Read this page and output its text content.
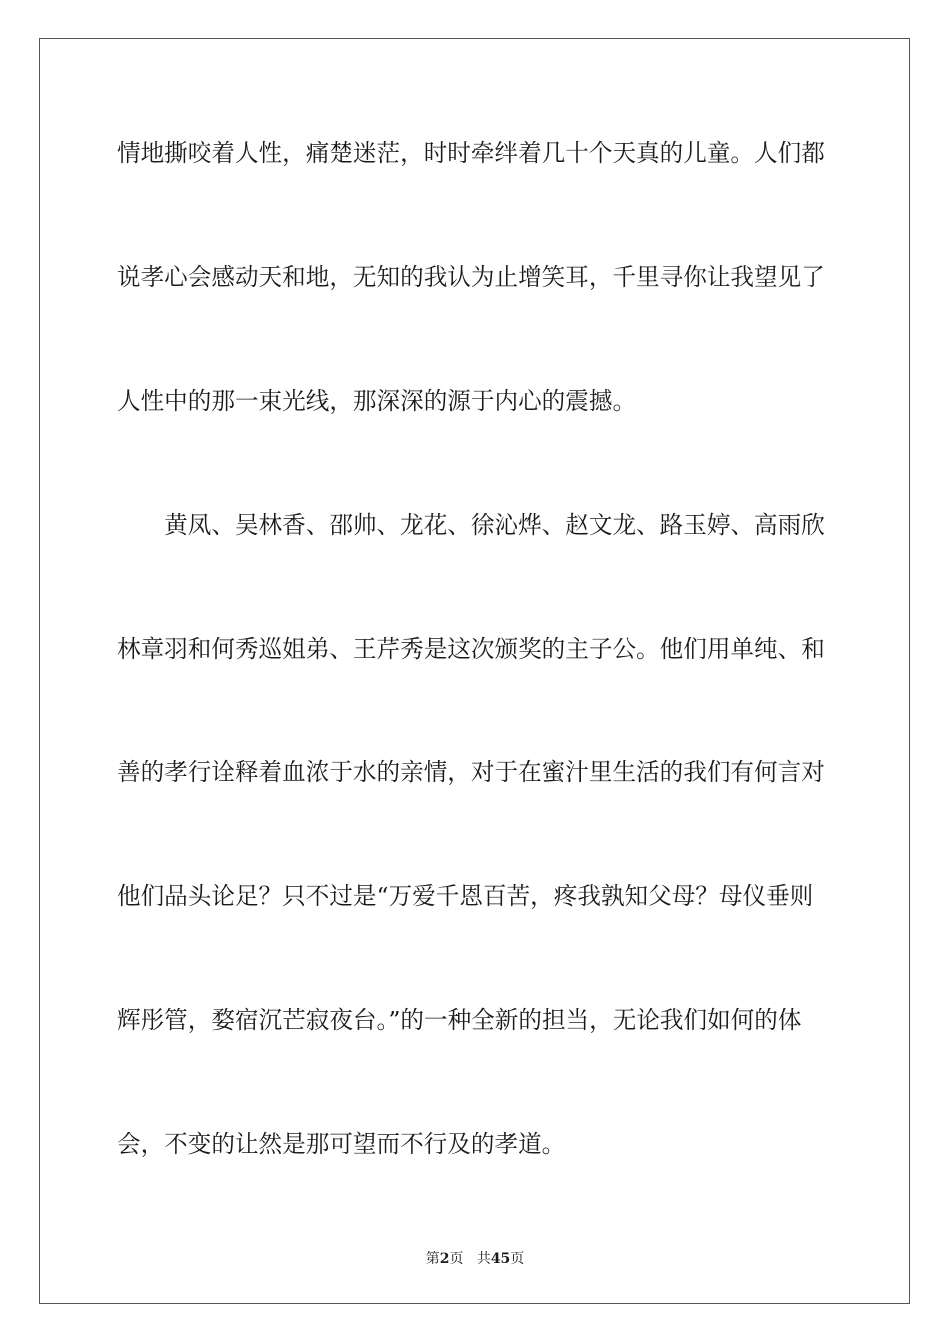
情地撕咬着人性，痛楚迷茫，时时牵绊着几十个天真的儿童。人们都
说孝心会感动天和地，无知的我认为止增笑耳，千里寻你让我望见了
人性中的那一束光线，那深深的源于内心的震撼。
　　黄凤、吴林香、邵帅、龙花、徐沁烨、赵文龙、路玉婷、高雨欣
林章羽和何秀巡姐弟、王芹秀是这次颁奖的主子公。他们用单纯、和
善的孝行诠释着血浓于水的亲情，对于在蜜汁里生活的我们有何言对
他们品头论足？只不过是“万爱千恩百苦，疼我孰知父母？母仪垂则
辉彤管，婺宿沉芒寂夜台。”的一种全新的担当，无论我们如何的体
会，不变的让然是那可望而不行及的孝道。
第2页 共45页
